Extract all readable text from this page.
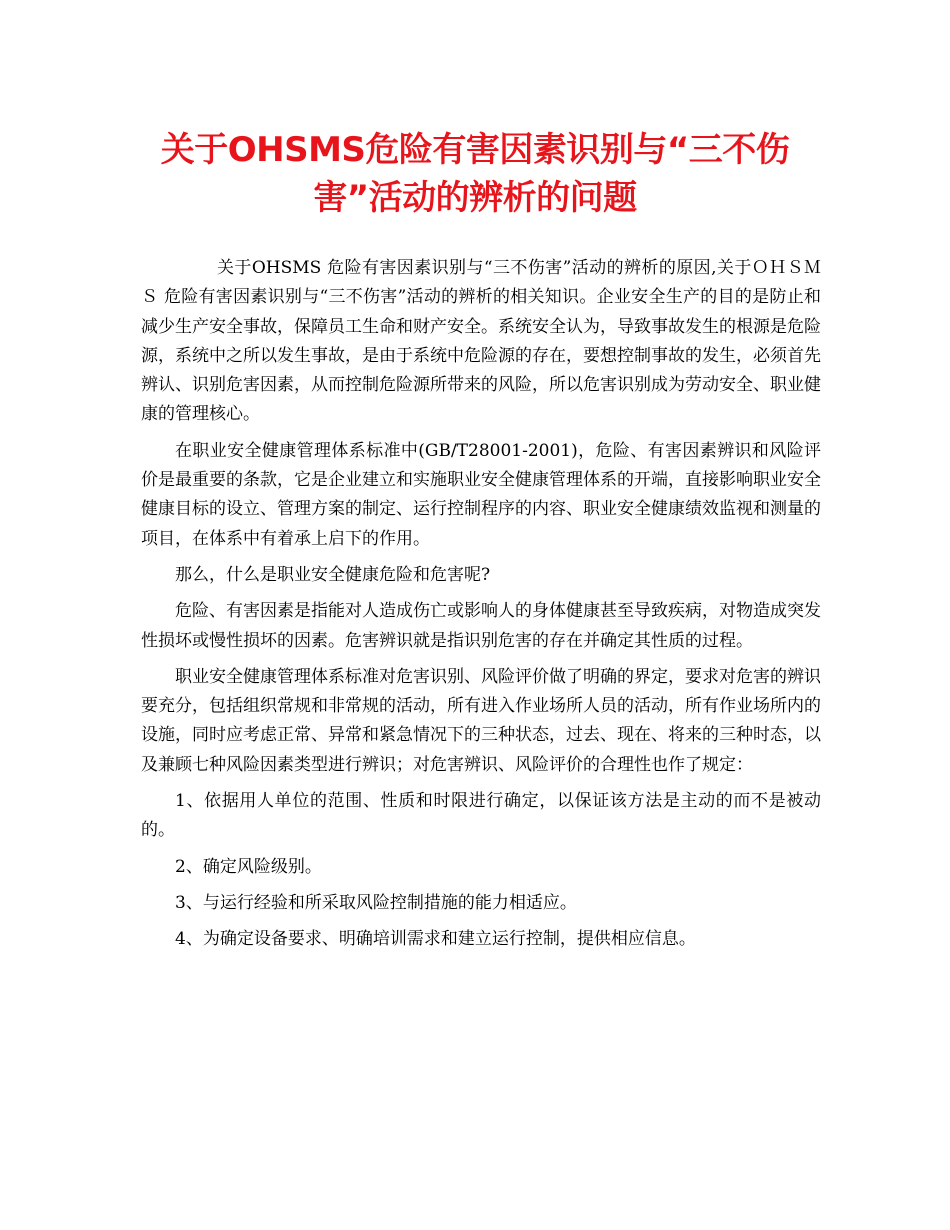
关于OHSMS危险有害因素识别与“三不伤
害”活动的辨析的问题

关于OHSMS 危险有害因素识别与“三不伤害”活动的辨析的原因,关于ＯＨＳＭＳ 危险有害因素识别与“三不伤害”活动的辨析的相关知识。企业安全生产的目的是防止和减少生产安全事故，保障员工生命和财产安全。系统安全认为，导致事故发生的根源是危险源，系统中之所以发生事故，是由于系统中危险源的存在，要想控制事故的发生，必须首先辨认、识别危害因素，从而控制危险源所带来的风险，所以危害识别成为劳动安全、职业健康的管理核心。

在职业安全健康管理体系标准中(GB/T28001-2001)，危险、有害因素辨识和风险评价是最重要的条款，它是企业建立和实施职业安全健康管理体系的开端，直接影响职业安全健康目标的设立、管理方案的制定、运行控制程序的内容、职业安全健康绩效监视和测量的项目，在体系中有着承上启下的作用。

那么，什么是职业安全健康危险和危害呢?

危险、有害因素是指能对人造成伤亡或影响人的身体健康甚至导致疾病，对物造成突发性损坏或慢性损坏的因素。危害辨识就是指识别危害的存在并确定其性质的过程。

职业安全健康管理体系标准对危害识别、风险评价做了明确的界定，要求对危害的辨识要充分，包括组织常规和非常规的活动，所有进入作业场所人员的活动，所有作业场所内的设施，同时应考虑正常、异常和紧急情况下的三种状态，过去、现在、将来的三种时态，以及兼顾七种风险因素类型进行辨识；对危害辨识、风险评价的合理性也作了规定：

1、依据用人单位的范围、性质和时限进行确定，以保证该方法是主动的而不是被动的。

2、确定风险级别。

3、与运行经验和所采取风险控制措施的能力相适应。

4、为确定设备要求、明确培训需求和建立运行控制，提供相应信息。
